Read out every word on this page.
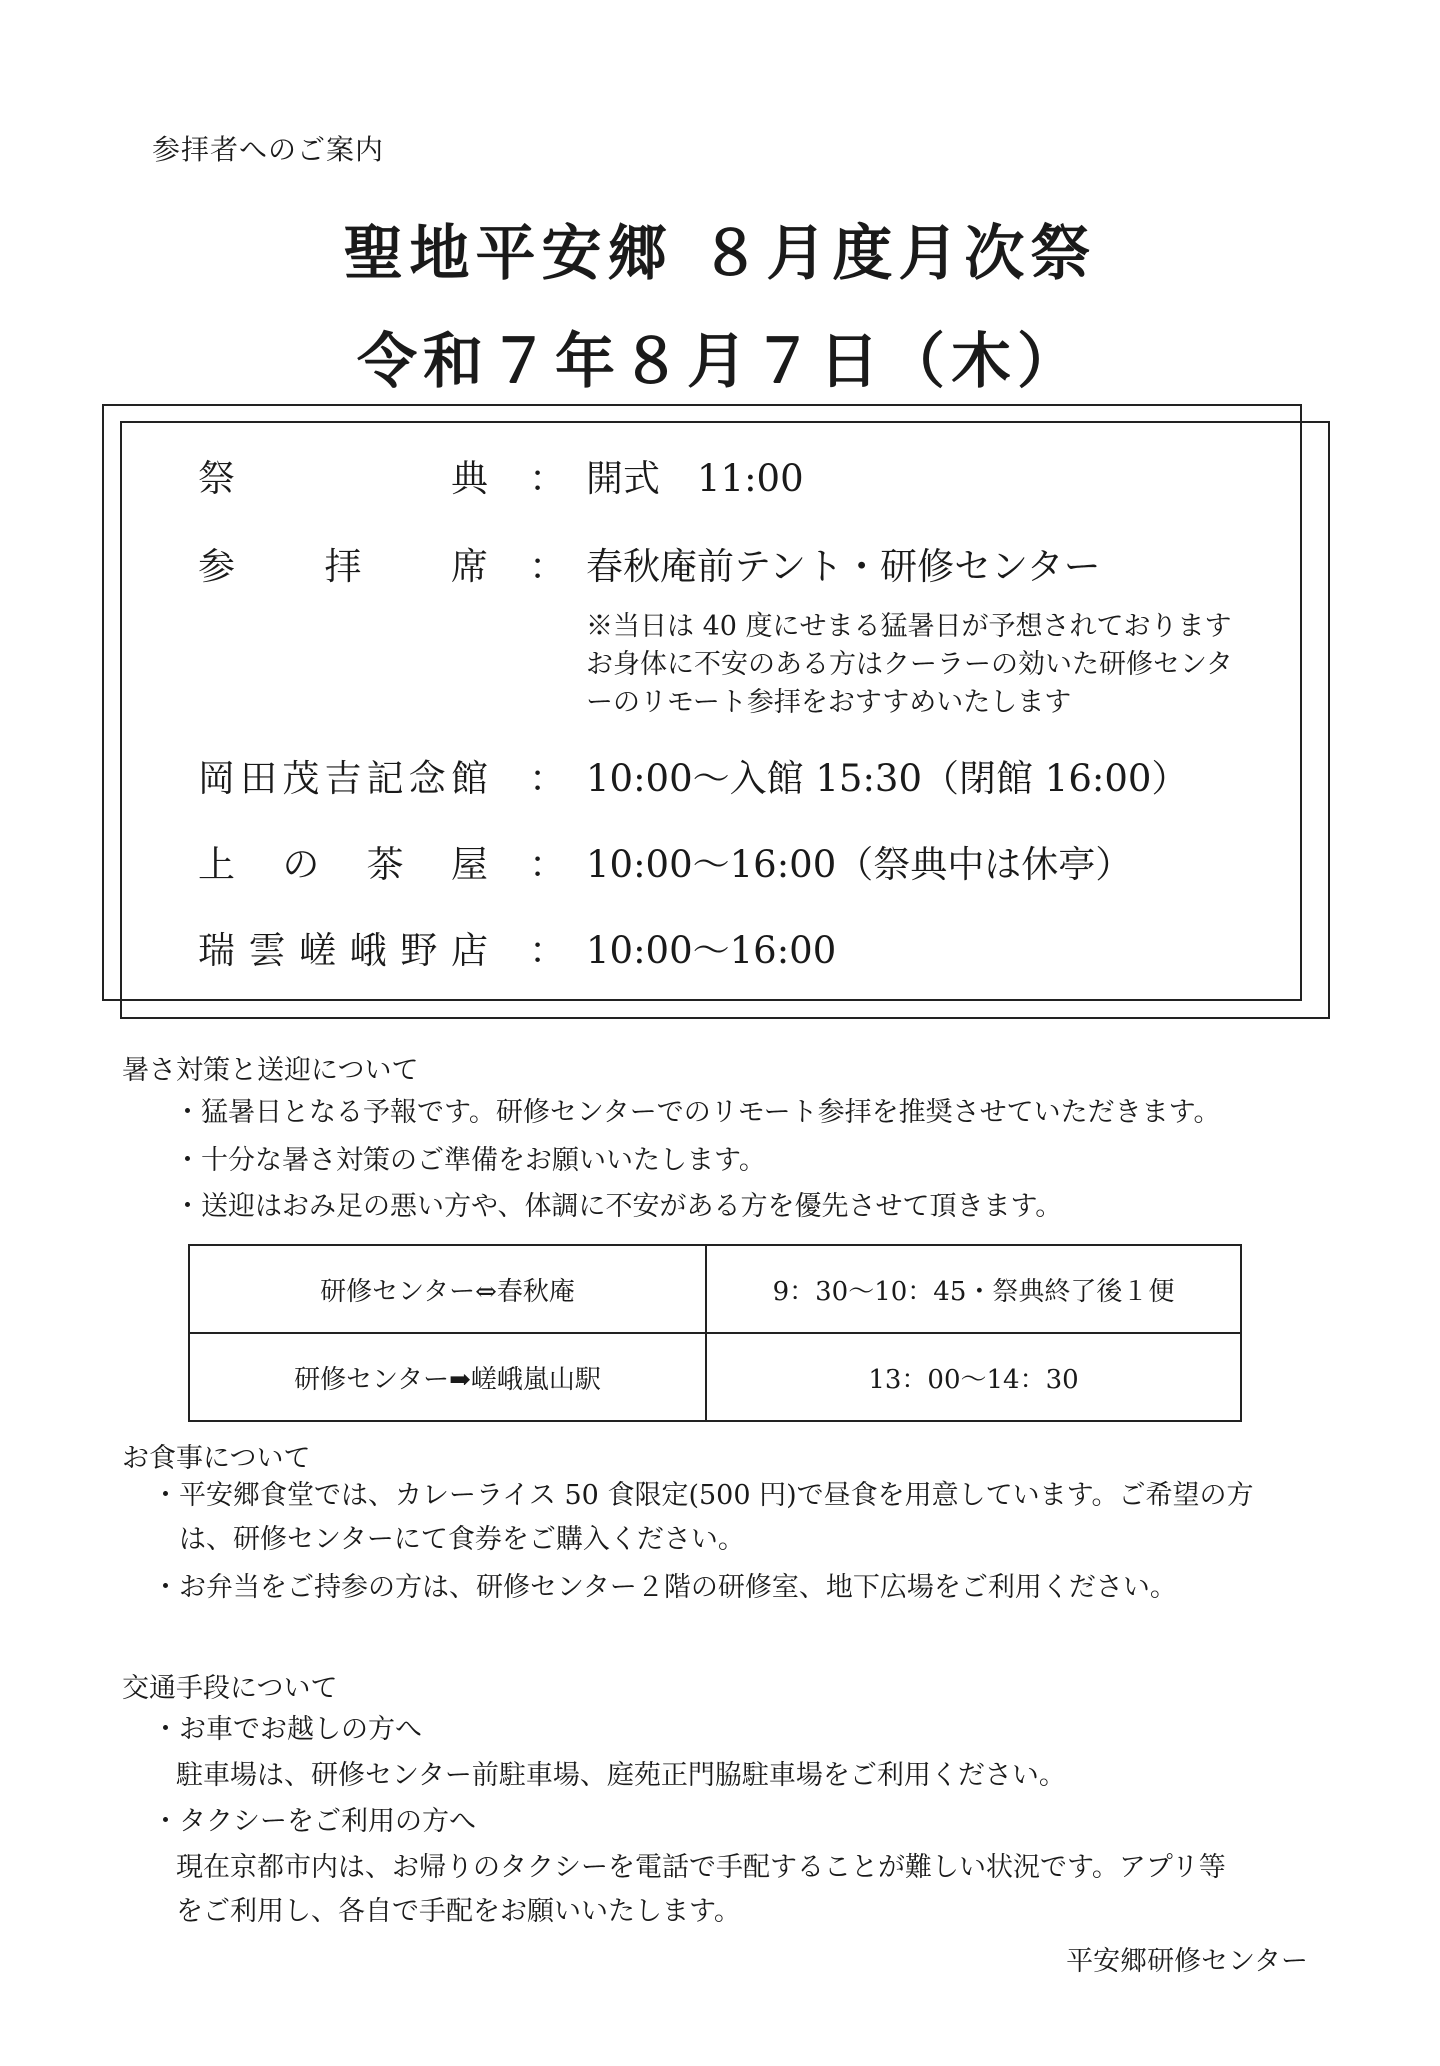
参拝者へのご案内
聖地平安郷 ８月度月次祭
令和７年８月７日（木）
祭	典 ： 開式　11:00
参 拝 席 ： 春秋庵前テント・研修センター
※当日は 40 度にせまる猛暑日が予想されております
お身体に不安のある方はクーラーの効いた研修センタ
ーのリモート参拝をおすすめいたします
岡 田 茂 吉 記 念 館 ： 10:00～入館 15:30（閉館 16:00）
上 の 茶 屋 ： 10:00～16:00（祭典中は休亭）
瑞 雲 嵯 峨 野 店 ： 10:00～16:00
暑さ対策と送迎について
・猛暑日となる予報です。研修センターでのリモート参拝を推奨させていただきます。
・十分な暑さ対策のご準備をお願いいたします。
・送迎はおみ足の悪い方や、体調に不安がある方を優先させて頂きます。
研修センター⇔春秋庵	9：30～10：45・祭典終了後１便
研修センター➡嵯峨嵐山駅	13：00～14：30
お食事について
・平安郷食堂では、カレーライス 50 食限定(500 円)で昼食を用意しています。ご希望の方
　は、研修センターにて食券をご購入ください。
・お弁当をご持参の方は、研修センター２階の研修室、地下広場をご利用ください。
交通手段について
・お車でお越しの方へ
駐車場は、研修センター前駐車場、庭苑正門脇駐車場をご利用ください。
・タクシーをご利用の方へ
現在京都市内は、お帰りのタクシーを電話で手配することが難しい状況です。アプリ等
をご利用し、各自で手配をお願いいたします。
平安郷研修センター
